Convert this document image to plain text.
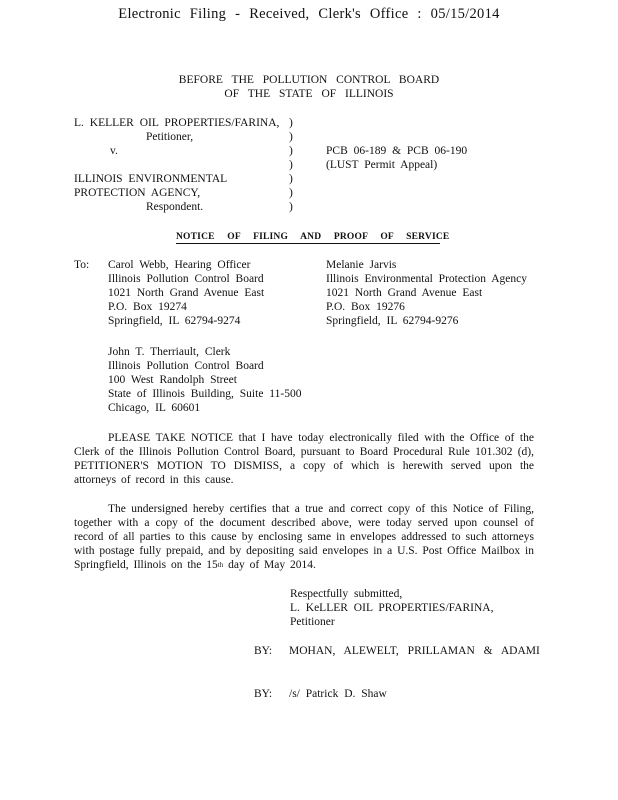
Electronic Filing - Received, Clerk's Office : 05/15/2014
BEFORE THE POLLUTION CONTROL BOARD
OF THE STATE OF ILLINOIS
L. KELLER OIL PROPERTIES/FARINA,
Petitioner,
v.
ILLINOIS ENVIRONMENTAL
PROTECTION AGENCY,
Respondent.
)
)
)
)
)
)
)
PCB 06-189 & PCB 06-190
(LUST Permit Appeal)
NOTICE OF FILING AND PROOF OF SERVICE
To: Carol Webb, Hearing Officer
Illinois Pollution Control Board
1021 North Grand Avenue East
P.O. Box 19274
Springfield, IL 62794-9274
Melanie Jarvis
Illinois Environmental Protection Agency
1021 North Grand Avenue East
P.O. Box 19276
Springfield, IL 62794-9276
John T. Therriault, Clerk
Illinois Pollution Control Board
100 West Randolph Street
State of Illinois Building, Suite 11-500
Chicago, IL 60601
PLEASE TAKE NOTICE that I have today electronically filed with the Office of the Clerk of the Illinois Pollution Control Board, pursuant to Board Procedural Rule 101.302 (d), PETITIONER'S MOTION TO DISMISS, a copy of which is herewith served upon the attorneys of record in this cause.
The undersigned hereby certifies that a true and correct copy of this Notice of Filing, together with a copy of the document described above, were today served upon counsel of record of all parties to this cause by enclosing same in envelopes addressed to such attorneys with postage fully prepaid, and by depositing said envelopes in a U.S. Post Office Mailbox in Springfield, Illinois on the 15th day of May 2014.
Respectfully submitted,
L. KeLLER OIL PROPERTIES/FARINA,
Petitioner
BY: MOHAN, ALEWELT, PRILLAMAN & ADAMI
BY: /s/ Patrick D. Shaw
